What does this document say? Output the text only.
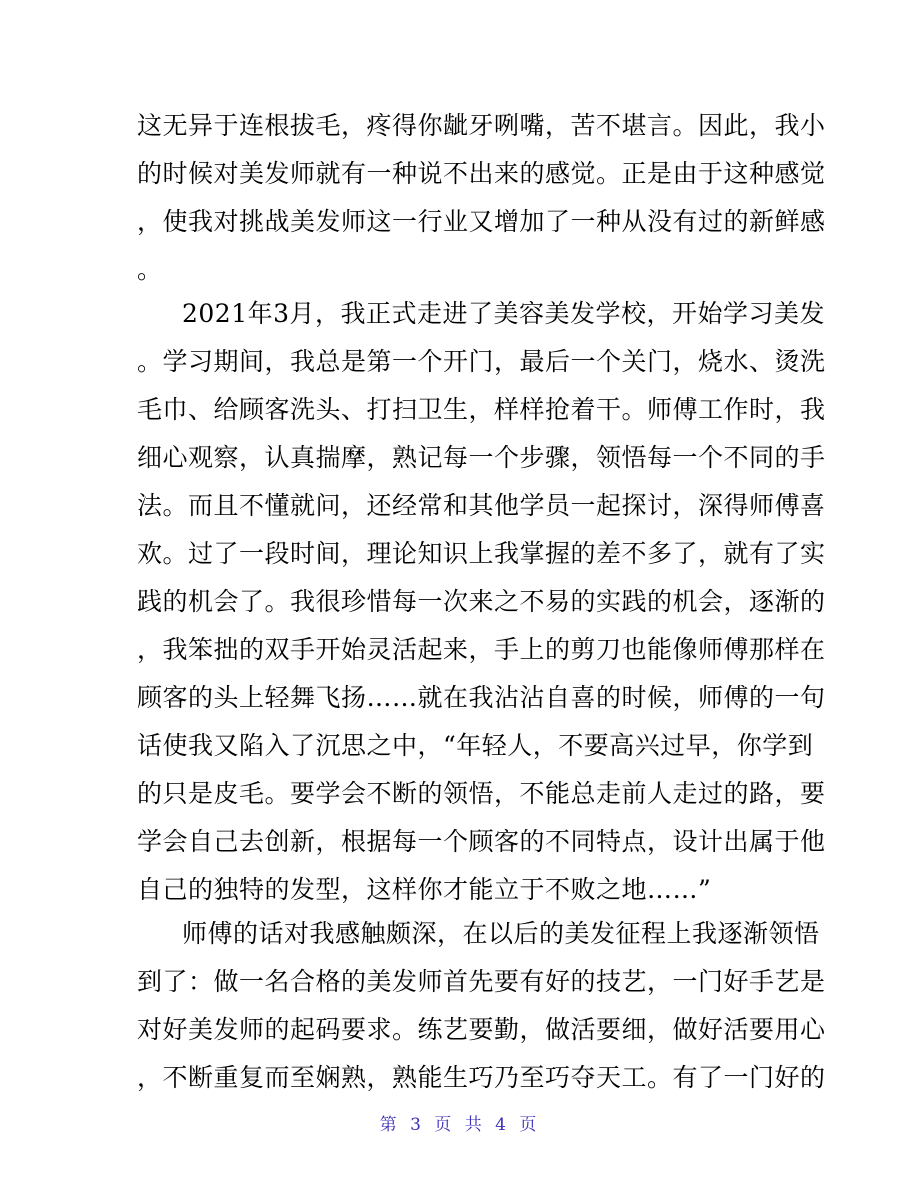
这无异于连根拔毛，疼得你龇牙咧嘴，苦不堪言。因此，我小
的时候对美发师就有一种说不出来的感觉。正是由于这种感觉
，使我对挑战美发师这一行业又增加了一种从没有过的新鲜感
。
2021年3月，我正式走进了美容美发学校，开始学习美发
。学习期间，我总是第一个开门，最后一个关门，烧水、烫洗
毛巾、给顾客洗头、打扫卫生，样样抢着干。师傅工作时，我
细心观察，认真揣摩，熟记每一个步骤，领悟每一个不同的手
法。而且不懂就问，还经常和其他学员一起探讨，深得师傅喜
欢。过了一段时间，理论知识上我掌握的差不多了，就有了实
践的机会了。我很珍惜每一次来之不易的实践的机会，逐渐的
，我笨拙的双手开始灵活起来，手上的剪刀也能像师傅那样在
顾客的头上轻舞飞扬……就在我沾沾自喜的时候，师傅的一句
话使我又陷入了沉思之中，“年轻人，不要高兴过早，你学到
的只是皮毛。要学会不断的领悟，不能总走前人走过的路，要
学会自己去创新，根据每一个顾客的不同特点，设计出属于他
自己的独特的发型，这样你才能立于不败之地……”
师傅的话对我感触颇深，在以后的美发征程上我逐渐领悟
到了：做一名合格的美发师首先要有好的技艺，一门好手艺是
对好美发师的起码要求。练艺要勤，做活要细，做好活要用心
，不断重复而至娴熟，熟能生巧乃至巧夺天工。有了一门好的
第 3 页 共 4 页
